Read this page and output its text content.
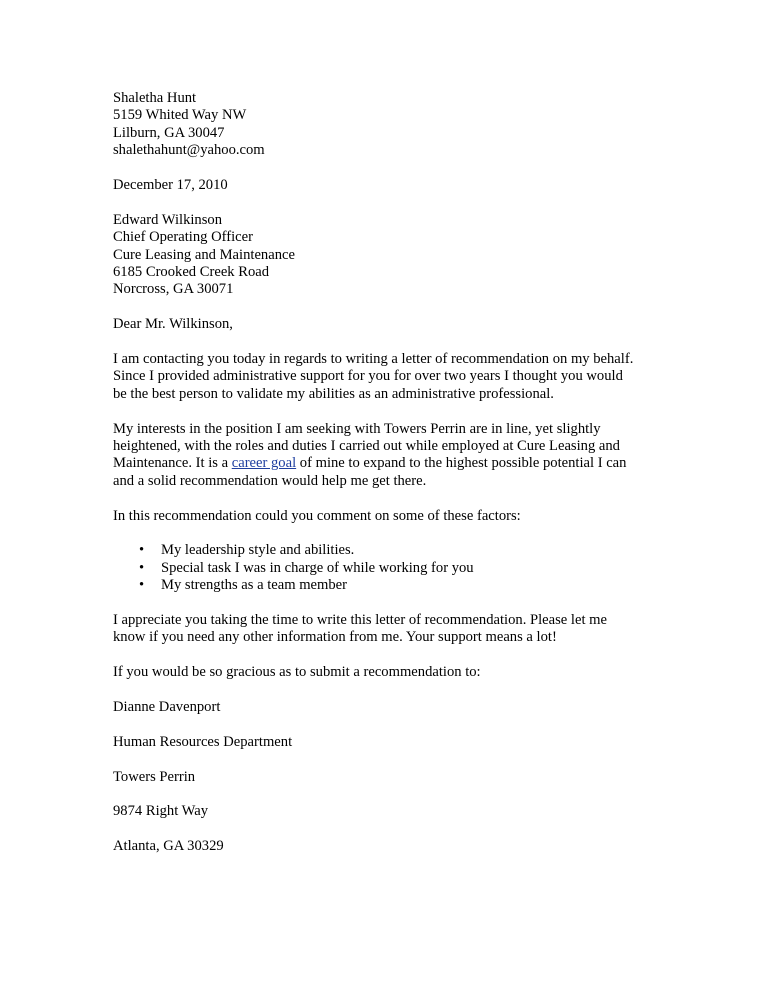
Shaletha Hunt
5159 Whited Way NW
Lilburn, GA 30047
shalethahunt@yahoo.com
December 17, 2010
Edward Wilkinson
Chief Operating Officer
Cure Leasing and Maintenance
6185 Crooked Creek Road
Norcross, GA 30071
Dear Mr. Wilkinson,
I am contacting you today in regards to writing a letter of recommendation on my behalf.
Since I provided administrative support for you for over two years I thought you would
be the best person to validate my abilities as an administrative professional.
My interests in the position I am seeking with Towers Perrin are in line, yet slightly
heightened, with the roles and duties I carried out while employed at Cure Leasing and
Maintenance. It is a career goal of mine to expand to the highest possible potential I can
and a solid recommendation would help me get there.
In this recommendation could you comment on some of these factors:
• My leadership style and abilities.
• Special task I was in charge of while working for you
• My strengths as a team member
I appreciate you taking the time to write this letter of recommendation. Please let me
know if you need any other information from me. Your support means a lot!
If you would be so gracious as to submit a recommendation to:
Dianne Davenport
Human Resources Department
Towers Perrin
9874 Right Way
Atlanta, GA 30329
